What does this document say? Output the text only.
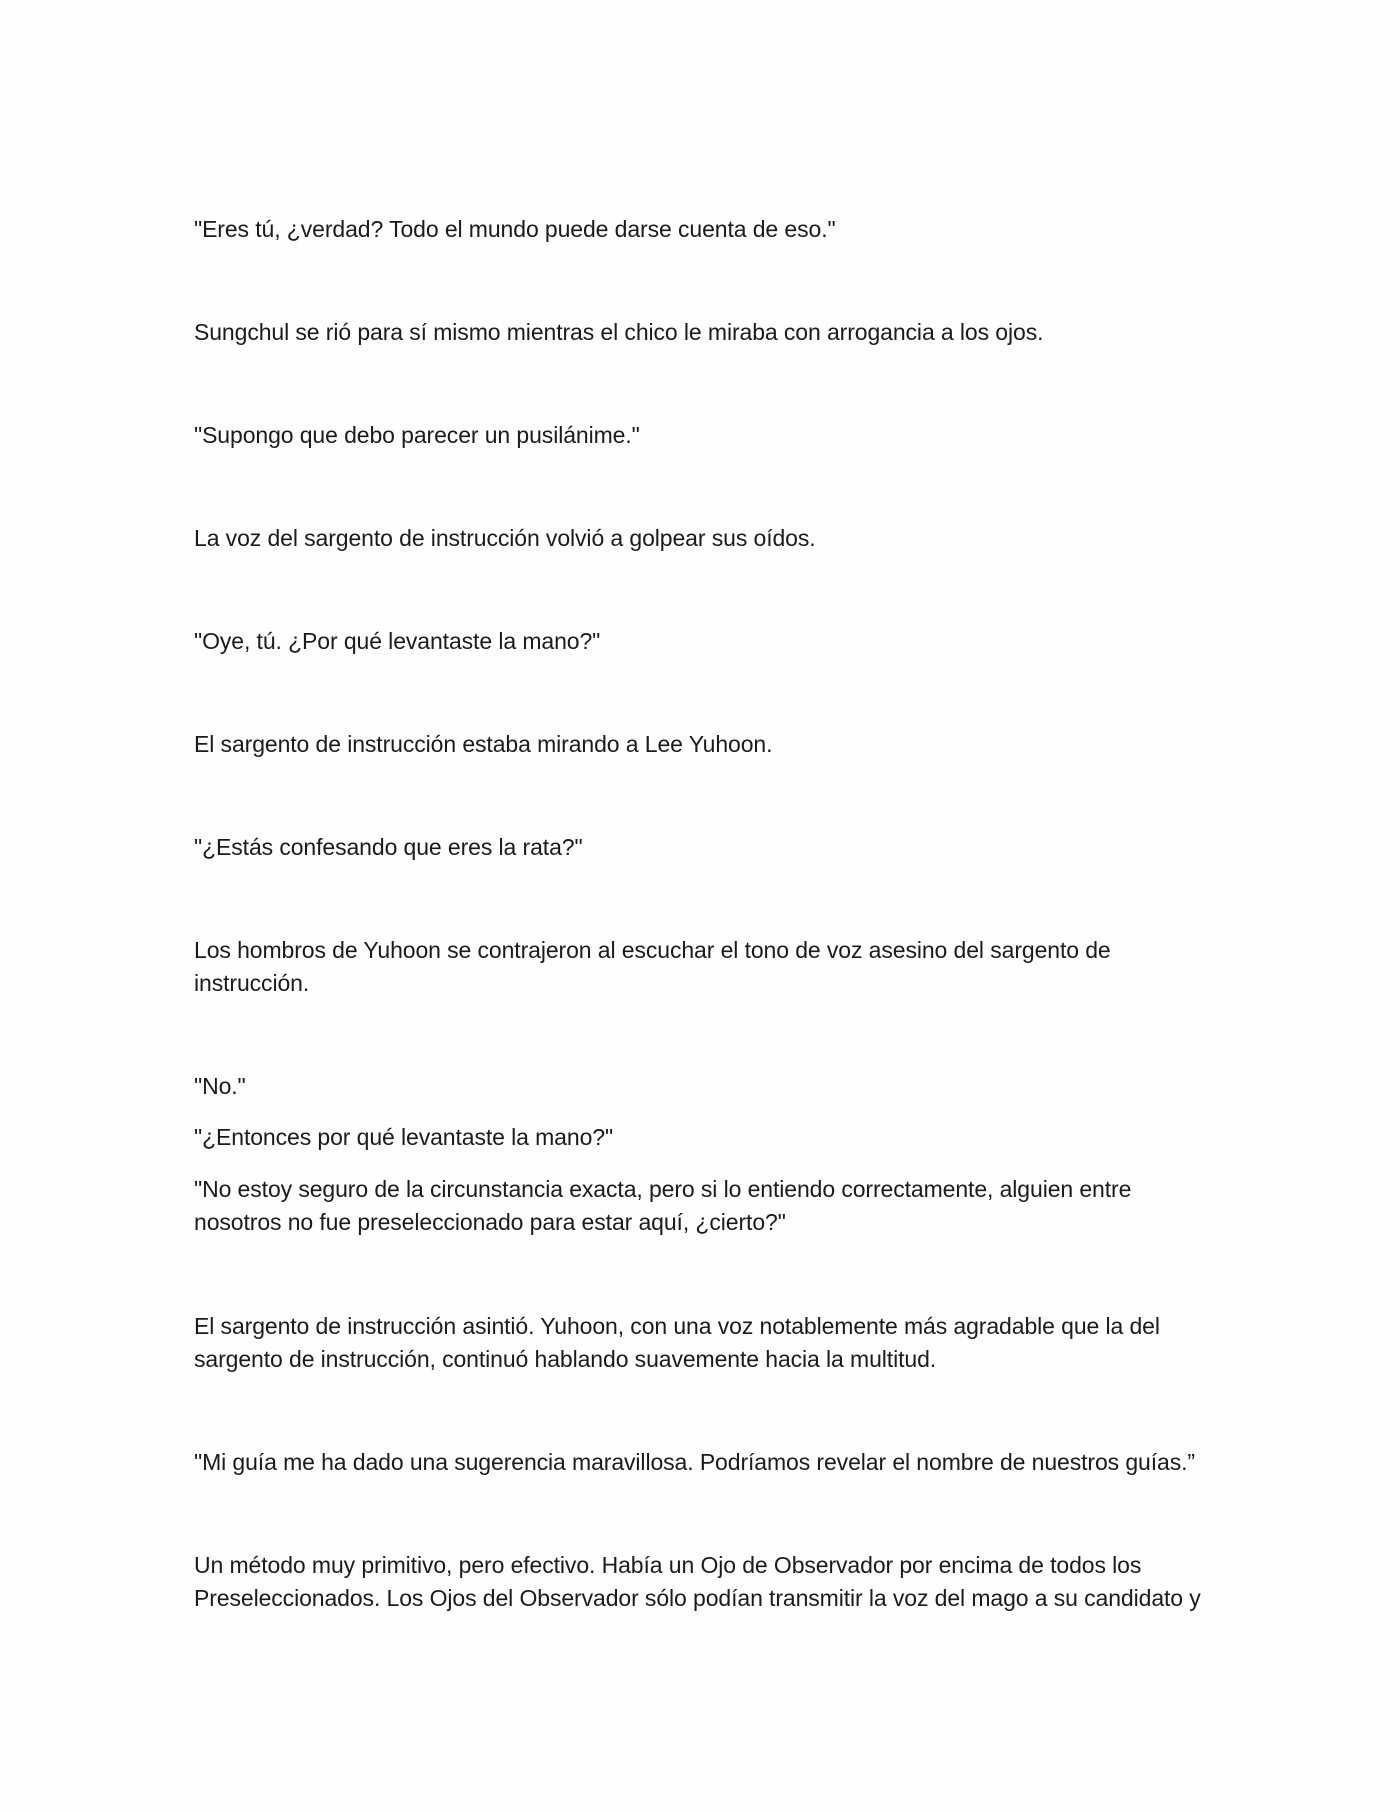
"Eres tú, ¿verdad? Todo el mundo puede darse cuenta de eso."

Sungchul se rió para sí mismo mientras el chico le miraba con arrogancia a los ojos.

"Supongo que debo parecer un pusilánime."

La voz del sargento de instrucción volvió a golpear sus oídos.

"Oye, tú. ¿Por qué levantaste la mano?"

El sargento de instrucción estaba mirando a Lee Yuhoon.

"¿Estás confesando que eres la rata?"

Los hombros de Yuhoon se contrajeron al escuchar el tono de voz asesino del sargento de instrucción.

"No."

"¿Entonces por qué levantaste la mano?"

"No estoy seguro de la circunstancia exacta, pero si lo entiendo correctamente, alguien entre nosotros no fue preseleccionado para estar aquí, ¿cierto?"

El sargento de instrucción asintió. Yuhoon, con una voz notablemente más agradable que la del sargento de instrucción, continuó hablando suavemente hacia la multitud.

"Mi guía me ha dado una sugerencia maravillosa. Podríamos revelar el nombre de nuestros guías.”

Un método muy primitivo, pero efectivo. Había un Ojo de Observador por encima de todos los Preseleccionados. Los Ojos del Observador sólo podían transmitir la voz del mago a su candidato y
